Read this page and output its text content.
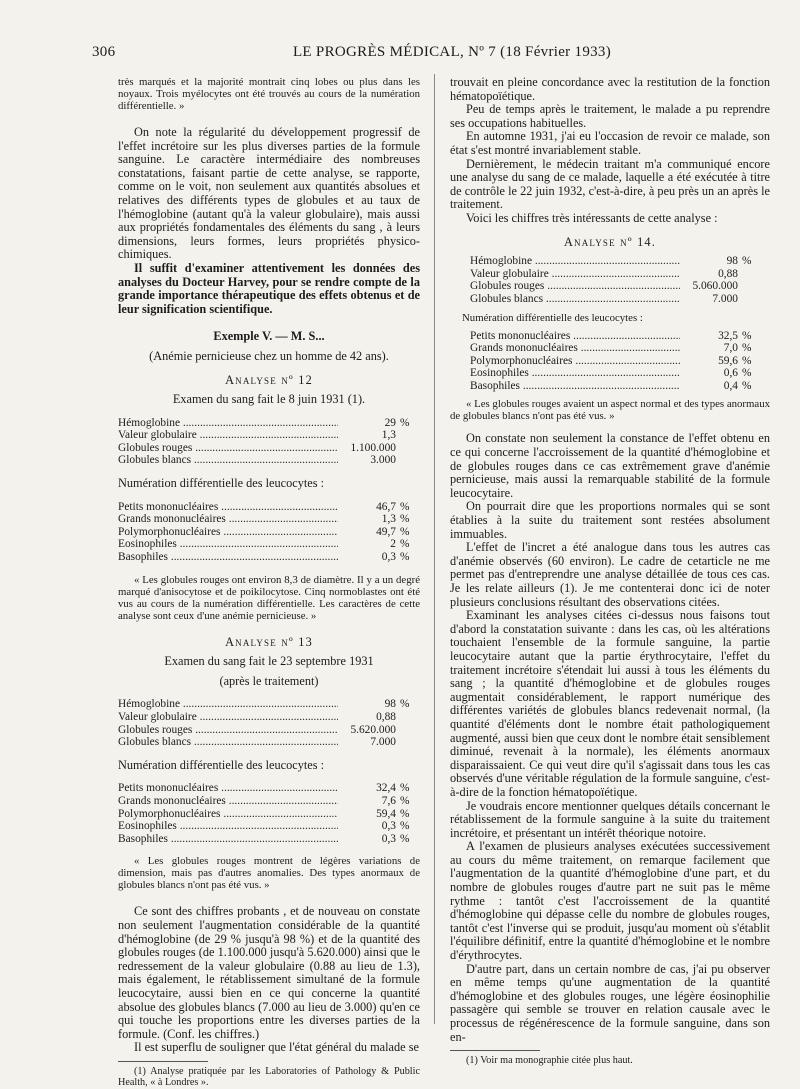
306	LE PROGRÈS MÉDICAL, Nº 7 (18 Février 1933)

très marqués et la majorité montrait cinq lobes ou plus dans les noyaux. Trois myélocytes ont été trouvés au cours de la numération différentielle. »

On note la régularité du développement progressif de l'effet incrétoire sur les plus diverses parties de la formule sanguine. Le caractère intermédiaire des nombreuses constatations, faisant partie de cette analyse, se rapporte, comme on le voit, non seulement aux quantités absolues et relatives des différents types de globules et au taux de l'hémoglobine (autant qu'à la valeur globulaire), mais aussi aux propriétés fondamentales des éléments du sang , à leurs dimensions, leurs formes, leurs propriétés physico-chimiques.

Il suffit d'examiner attentivement les données des analyses du Docteur Harvey, pour se rendre compte de la grande importance thérapeutique des effets obtenus et de leur signification scientifique.

Exemple V. — M. S...

(Anémie pernicieuse chez un homme de 42 ans).

Analyse nº 12

Examen du sang fait le 8 juin 1931 (1).

Hémoglobine .....	29 %
Valeur globulaire .....	1,3
Globules rouges .....	1.100.000
Globules blancs .....	3.000

Numération différentielle des leucocytes :

Petits mononucléaires .....	46,7 %
Grands mononucléaires .....	1,3 %
Polymorphonucléaires .....	49,7 %
Eosinophiles .....	2 %
Basophiles .....	0,3 %

« Les globules rouges ont environ 8,3 de diamètre. Il y a un degré marqué d'anisocytose et de poikilocytose. Cinq normoblastes ont été vus au cours de la numération différentielle. Les caractères de cette analyse sont ceux d'une anémie pernicieuse. »

Analyse nº 13

Examen du sang fait le 23 septembre 1931

(après le traitement)

Hémoglobine .....	98 %
Valeur globulaire .....	0,88
Globules rouges .....	5.620.000
Globules blancs .....	7.000

Numération différentielle des leucocytes :

Petits mononucléaires .....	32,4 %
Grands mononucléaires .....	7,6 %
Polymorphonucléaires .....	59,4 %
Eosinophiles .....	0,3 %
Basophiles .....	0,3 %

« Les globules rouges montrent de légères variations de dimension, mais pas d'autres anomalies. Des types anormaux de globules blancs n'ont pas été vus. »

Ce sont des chiffres probants , et de nouveau on constate non seulement l'augmentation considérable de la quantité d'hémoglobine (de 29 % jusqu'à 98 %) et de la quantité des globules rouges (de 1.100.000 jusqu'à 5.620.000) ainsi que le redressement de la valeur globulaire (0.88 au lieu de 1.3), mais également, le rétablissement simultané de la formule leucocytaire, aussi bien en ce qui concerne la quantité absolue des globules blancs (7.000 au lieu de 3.000) qu'en ce qui touche les proportions entre les diverses parties de la formule. (Conf. les chiffres.)

Il est superflu de souligner que l'état général du malade se

(1) Analyse pratiquée par les Laboratories of Pathology & Public Health, « à Londres ».

trouvait en pleine concordance avec la restitution de la fonction hématopoïétique.

Peu de temps après le traitement, le malade a pu reprendre ses occupations habituelles.

En automne 1931, j'ai eu l'occasion de revoir ce malade, son état s'est montré invariablement stable.

Dernièrement, le médecin traitant m'a communiqué encore une analyse du sang de ce malade, laquelle a été exécutée à titre de contrôle le 22 juin 1932, c'est-à-dire, à peu près un an après le traitement.

Voici les chiffres très intéressants de cette analyse :

Analyse nº 14.

Hémoglobine .....	98 %
Valeur globulaire .....	0,88
Globules rouges .....	5.060.000
Globules blancs .....	7.000

Numération différentielle des leucocytes :

Petits mononucléaires .....	32,5 %
Grands mononucléaires .....	7,0 %
Polymorphonucléaires .....	59,6 %
Eosinophiles .....	0,6 %
Basophiles .....	0,4 %

« Les globules rouges avaient un aspect normal et des types anormaux de globules blancs n'ont pas été vus. »

On constate non seulement la constance de l'effet obtenu en ce qui concerne l'accroissement de la quantité d'hémoglobine et de globules rouges dans ce cas extrêmement grave d'anémie pernicieuse, mais aussi la remarquable stabilité de la formule leucocytaire.

On pourrait dire que les proportions normales qui se sont établies à la suite du traitement sont restées absolument immuables.

L'effet de l'incret a été analogue dans tous les autres cas d'anémie observés (60 environ). Le cadre de cetarticle ne me permet pas d'entreprendre une analyse détaillée de tous ces cas. Je les relate ailleurs (1). Je me contenterai donc ici de noter plusieurs conclusions résultant des observations citées.

Examinant les analyses citées ci-dessus nous faisons tout d'abord la constatation suivante : dans les cas, où les altérations touchaient l'ensemble de la formule sanguine, la partie leucocytaire autant que la partie érythrocytaire, l'effet du traitement incrétoire s'étendait lui aussi à tous les éléments du sang ; la quantité d'hémoglobine et de globules rouges augmentait considérablement, le rapport numérique des différentes variétés de globules blancs redevenait normal, (la quantité d'éléments dont le nombre était pathologiquement augmenté, aussi bien que ceux dont le nombre était sensiblement diminué, revenait à la normale), les éléments anormaux disparaissaient. Ce qui veut dire qu'il s'agissait dans tous les cas observés d'une véritable régulation de la formule sanguine, c'est-à-dire de la fonction hématopoïétique.

Je voudrais encore mentionner quelques détails concernant le rétablissement de la formule sanguine à la suite du traitement incrétoire, et présentant un intérêt théorique notoire.

A l'examen de plusieurs analyses exécutées successivement au cours du même traitement, on remarque facilement que l'augmentation de la quantité d'hémoglobine d'une part, et du nombre de globules rouges d'autre part ne suit pas le même rythme : tantôt c'est l'accroissement de la quantité d'hémoglobine qui dépasse celle du nombre de globules rouges, tantôt c'est l'inverse qui se produit, jusqu'au moment où s'établit l'équilibre définitif, entre la quantité d'hémoglobine et le nombre d'érythrocytes.

D'autre part, dans un certain nombre de cas, j'ai pu observer en même temps qu'une augmentation de la quantité d'hémoglobine et des globules rouges, une légère éosinophilie passagère qui semble se trouver en relation causale avec le processus de régénérescence de la formule sanguine, dans son en-

(1) Voir ma monographie citée plus haut.
